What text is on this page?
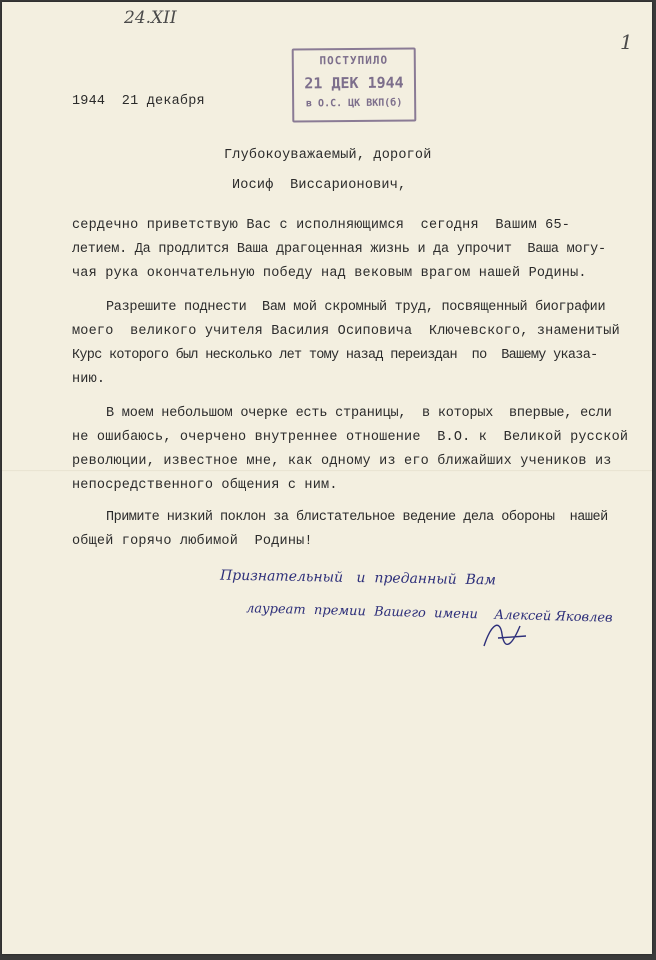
24.XII
1
ПОСТУПИЛО
21 ДЕК 1944
в О.С. ЦК ВКП(б)
1944  21 декабря
Глубокоуважаемый, дорогой
Иосиф  Виссарионович,
сердечно приветствую Вас с исполняющимся  сегодня  Вашим 65-
летием. Да продлится Ваша драгоценная жизнь и да упрочит  Ваша могу-
чая рука окончательную победу над вековым врагом нашей Родины.
Разрешите поднести  Вам мой скромный труд, посвященный биографии
моего  великого учителя Василия Осиповича  Ключевского, знаменитый
Курс которого был несколько лет тому назад переиздан  по  Вашему указа-
нию.
В моем небольшом очерке есть страницы,  в которых  впервые, если
не ошибаюсь, очерчено внутреннее отношение  В.О. к  Великой русской
революции, известное мне, как одному из его ближайших учеников из
непосредственного общения с ним.
Примите низкий поклон за блистательное ведение дела обороны  нашей
общей горячо любимой  Родины!
Признательный   и  преданный  Вам
лауреат  премии  Вашего  имени    Алексей Яковлев
